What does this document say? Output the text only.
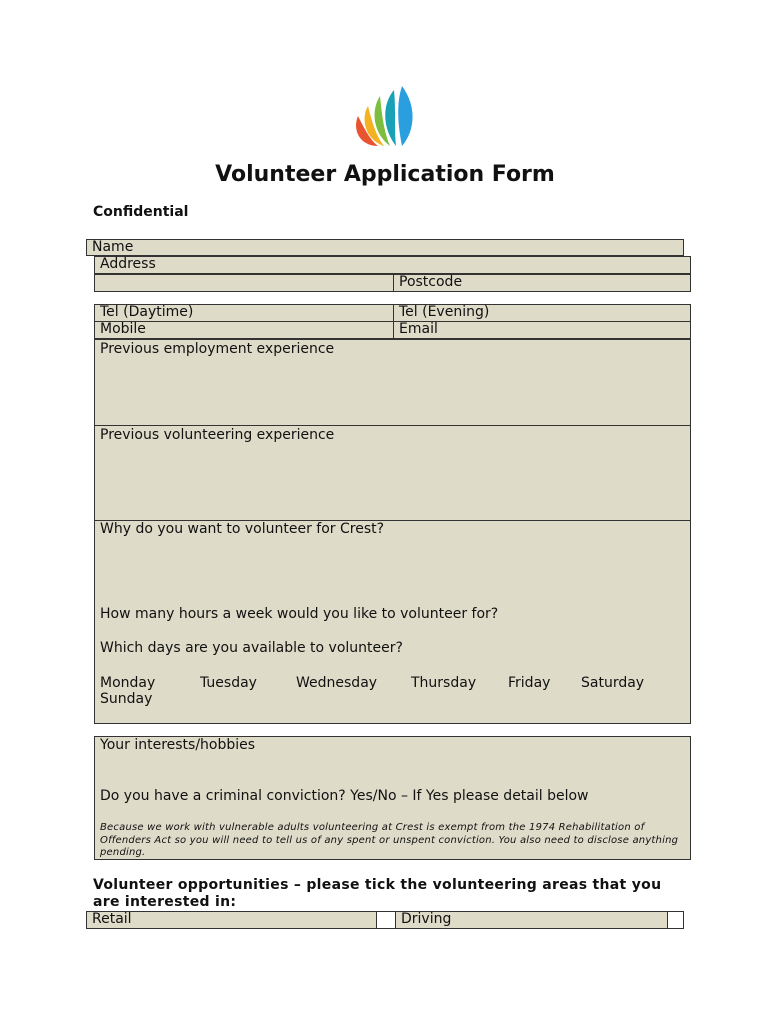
Volunteer Application Form
Confidential
Name
Address
Postcode
Tel (Daytime)	Tel (Evening)
Mobile	Email
Previous employment experience
Previous volunteering experience
Why do you want to volunteer for Crest?
How many hours a week would you like to volunteer for?
Which days are you available to volunteer?
Monday	Tuesday	Wednesday Thursday Friday Saturday
Sunday
Your interests/hobbies
Do you have a criminal conviction? Yes/No – If Yes please detail below
Because we work with vulnerable adults volunteering at Crest is exempt from the 1974 Rehabilitation of Offenders Act so you will need to tell us of any spent or unspent conviction. You also need to disclose anything pending.
Volunteer opportunities – please tick the volunteering areas that you are interested in:
Retail	Driving
